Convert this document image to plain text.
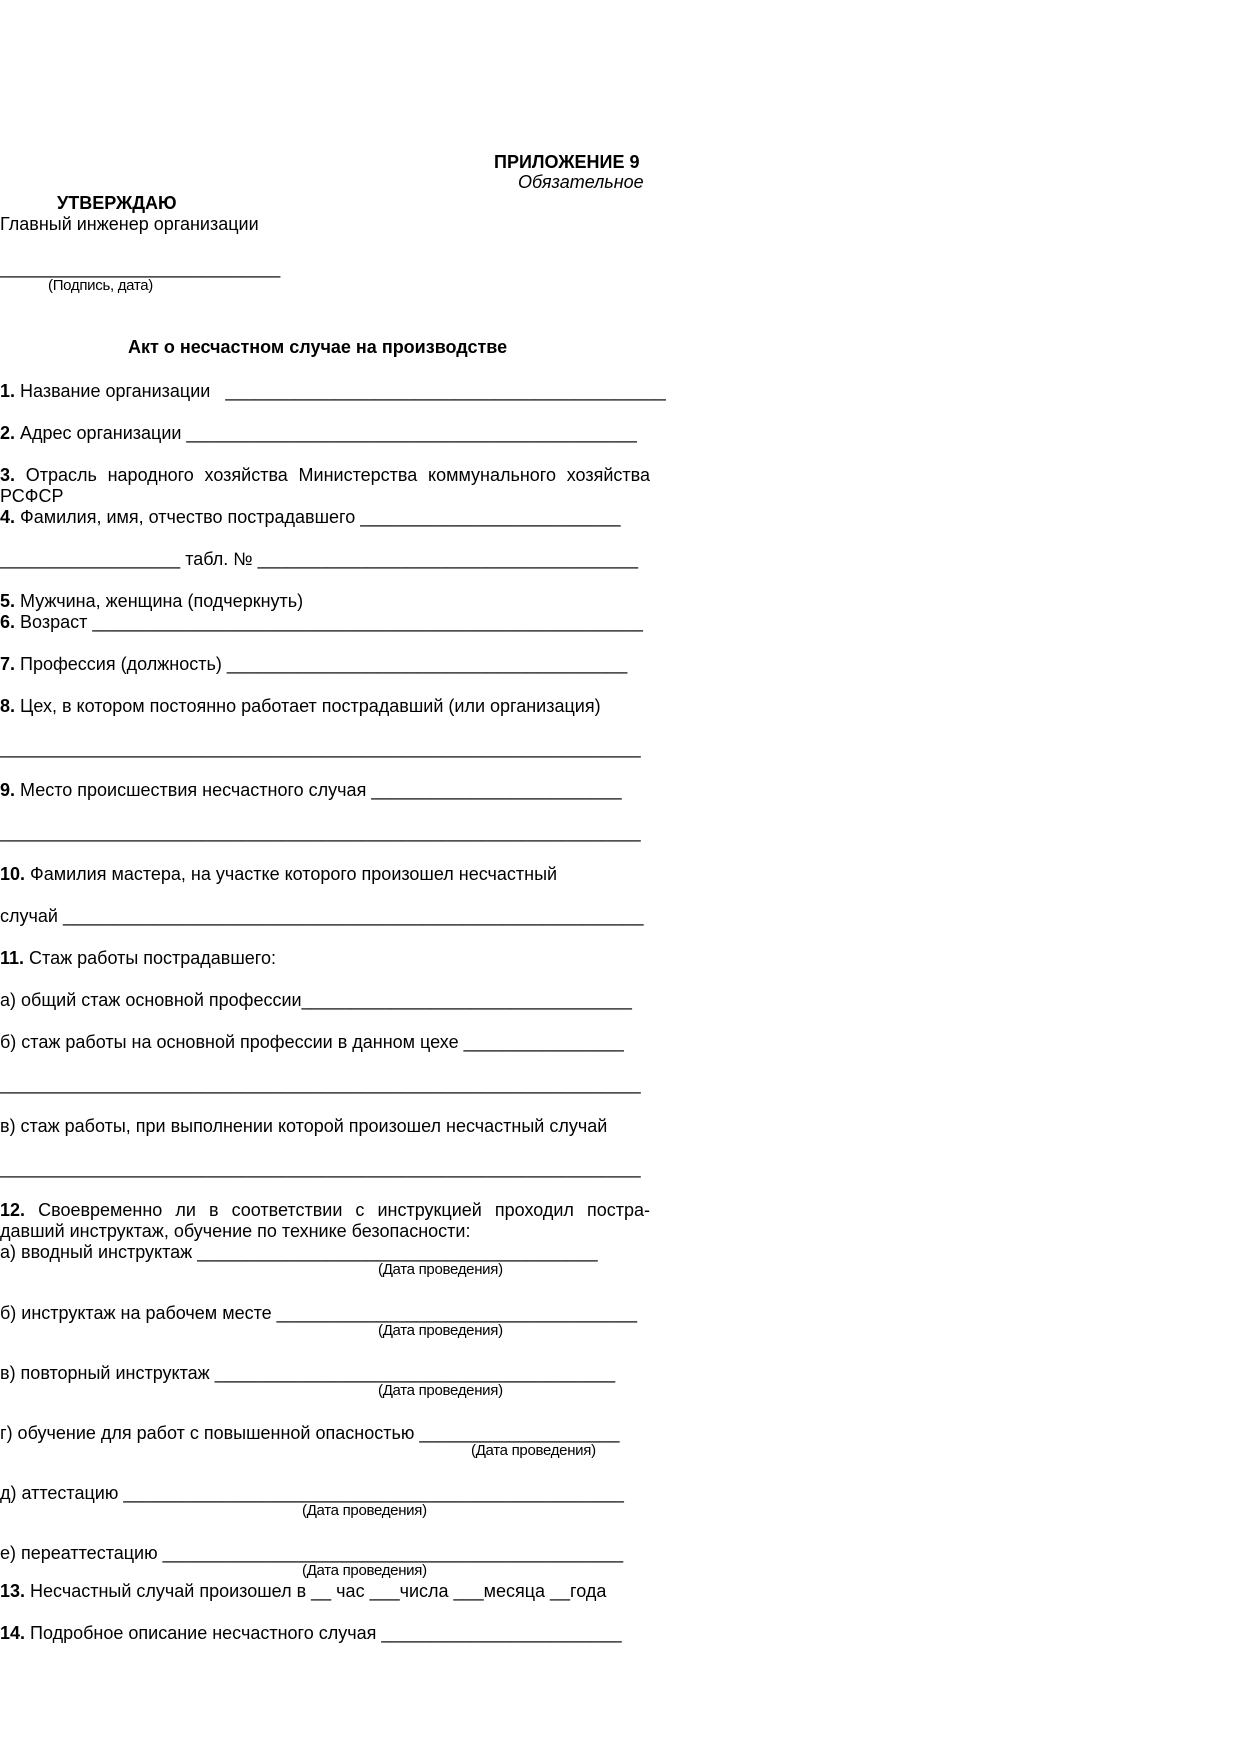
ПРИЛОЖЕНИЕ 9
Обязательное
УТВЕРЖДАЮ
Главный инженер организации
____________________________
(Подпись, дата)
Акт о несчастном случае на производстве
1. Название организации   ____________________________________________
2. Адрес организации _____________________________________________
3. Отрасль народного хозяйства Министерства коммунального хозяйства
РСФСР
4. Фамилия, имя, отчество пострадавшего __________________________
__________________ табл. № ______________________________________
5. Мужчина, женщина (подчеркнуть)
6. Возраст _______________________________________________________
7. Профессия (должность) ________________________________________
8. Цех, в котором постоянно работает пострадавший (или организация)
________________________________________________________________
9. Место происшествия несчастного случая _________________________
________________________________________________________________
10. Фамилия мастера, на участке которого произошел несчастный
случай __________________________________________________________
11. Стаж работы пострадавшего:
а) общий стаж основной профессии_________________________________
б) стаж работы на основной профессии в данном цехе ________________
________________________________________________________________
в) стаж работы, при выполнении которой произошел несчастный случай
________________________________________________________________
12. Своевременно ли в соответствии с инструкцией проходил постра-
давший инструктаж, обучение по технике безопасности:
а) вводный инструктаж ________________________________________
(Дата проведения)
б) инструктаж на рабочем месте ____________________________________
(Дата проведения)
в) повторный инструктаж ________________________________________
(Дата проведения)
г) обучение для работ с повышенной опасностью ____________________
(Дата проведения)
д) аттестацию __________________________________________________
(Дата проведения)
е) переаттестацию ______________________________________________
(Дата проведения)
13. Несчастный случай произошел в __ час ___числа ___месяца __года
14. Подробное описание несчастного случая ________________________
